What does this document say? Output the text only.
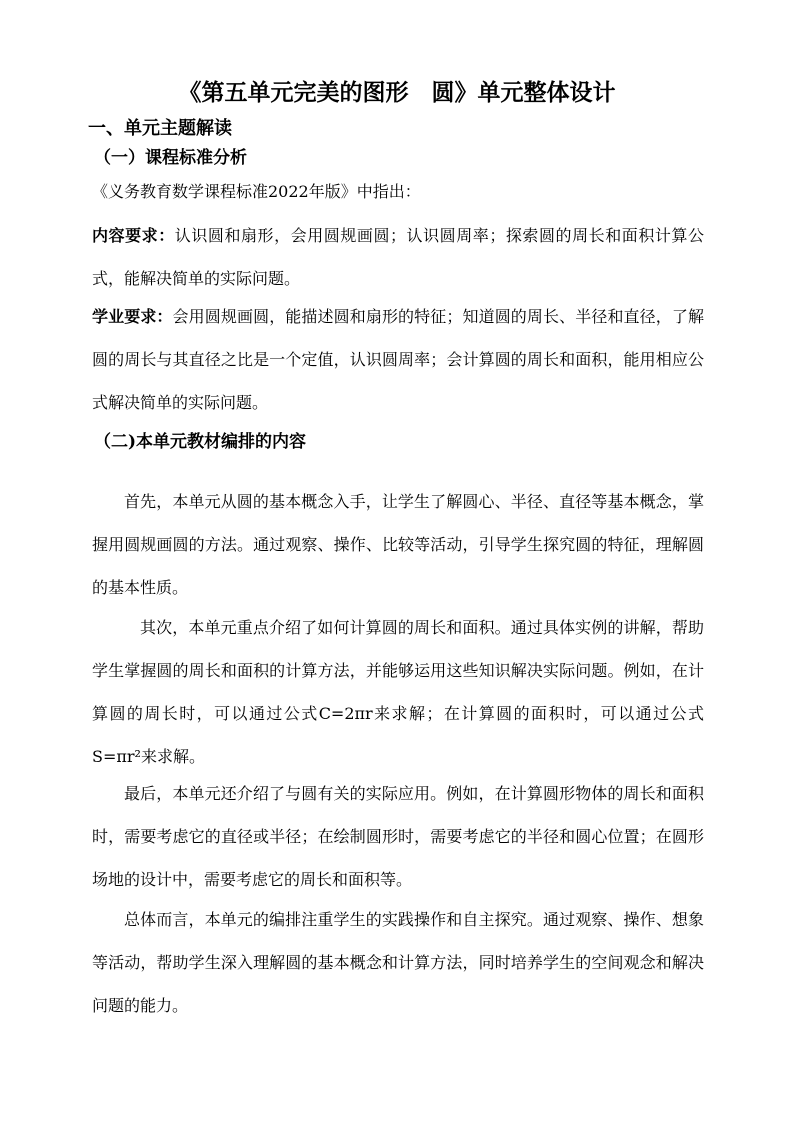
《第五单元完美的图形　圆》单元整体设计
一、单元主题解读
（一）课程标准分析
《义务教育数学课程标准2022年版》中指出：
内容要求：认识圆和扇形，会用圆规画圆；认识圆周率；探索圆的周长和面积计算公式，能解决简单的实际问题。
学业要求：会用圆规画圆，能描述圆和扇形的特征；知道圆的周长、半径和直径，了解圆的周长与其直径之比是一个定值，认识圆周率；会计算圆的周长和面积，能用相应公式解决简单的实际问题。
（二)本单元教材编排的内容
首先，本单元从圆的基本概念入手，让学生了解圆心、半径、直径等基本概念，掌握用圆规画圆的方法。通过观察、操作、比较等活动，引导学生探究圆的特征，理解圆的基本性质。
其次，本单元重点介绍了如何计算圆的周长和面积。通过具体实例的讲解，帮助学生掌握圆的周长和面积的计算方法，并能够运用这些知识解决实际问题。例如，在计算圆的周长时，可以通过公式C=2πr来求解；在计算圆的面积时，可以通过公式S=πr²来求解。
最后，本单元还介绍了与圆有关的实际应用。例如，在计算圆形物体的周长和面积时，需要考虑它的直径或半径；在绘制圆形时，需要考虑它的半径和圆心位置；在圆形场地的设计中，需要考虑它的周长和面积等。
总体而言，本单元的编排注重学生的实践操作和自主探究。通过观察、操作、想象等活动，帮助学生深入理解圆的基本概念和计算方法，同时培养学生的空间观念和解决问题的能力。
